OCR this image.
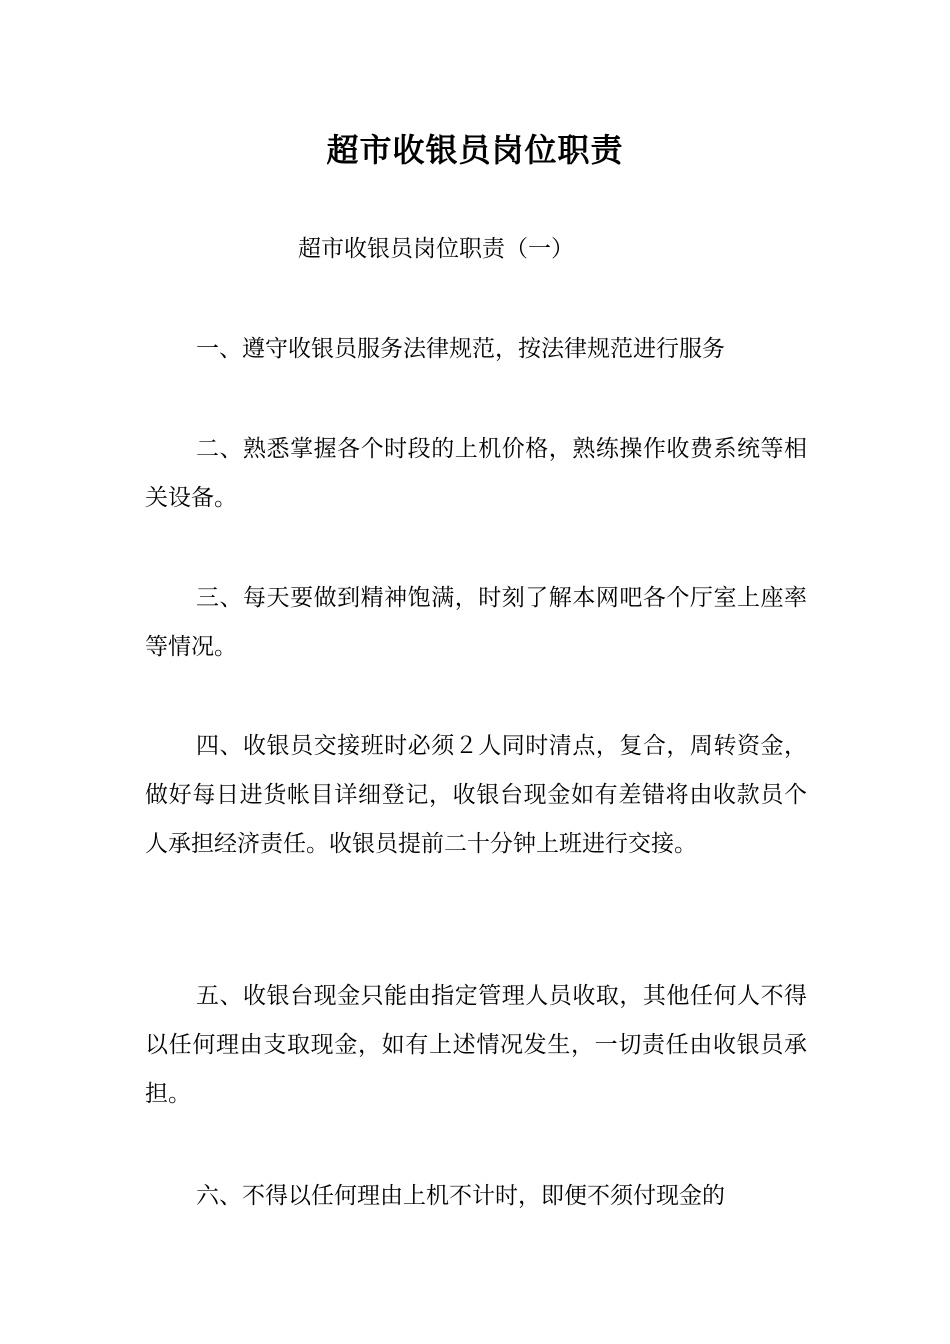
超市收银员岗位职责
超市收银员岗位职责（一）
一、遵守收银员服务法律规范，按法律规范进行服务
二、熟悉掌握各个时段的上机价格，熟练操作收费系统等相关设备。
三、每天要做到精神饱满，时刻了解本网吧各个厅室上座率等情况。
四、收银员交接班时必须２人同时清点，复合，周转资金，做好每日进货帐目详细登记，收银台现金如有差错将由收款员个人承担经济责任。收银员提前二十分钟上班进行交接。
五、收银台现金只能由指定管理人员收取，其他任何人不得以任何理由支取现金，如有上述情况发生，一切责任由收银员承担。
六、不得以任何理由上机不计时，即便不须付现金的
